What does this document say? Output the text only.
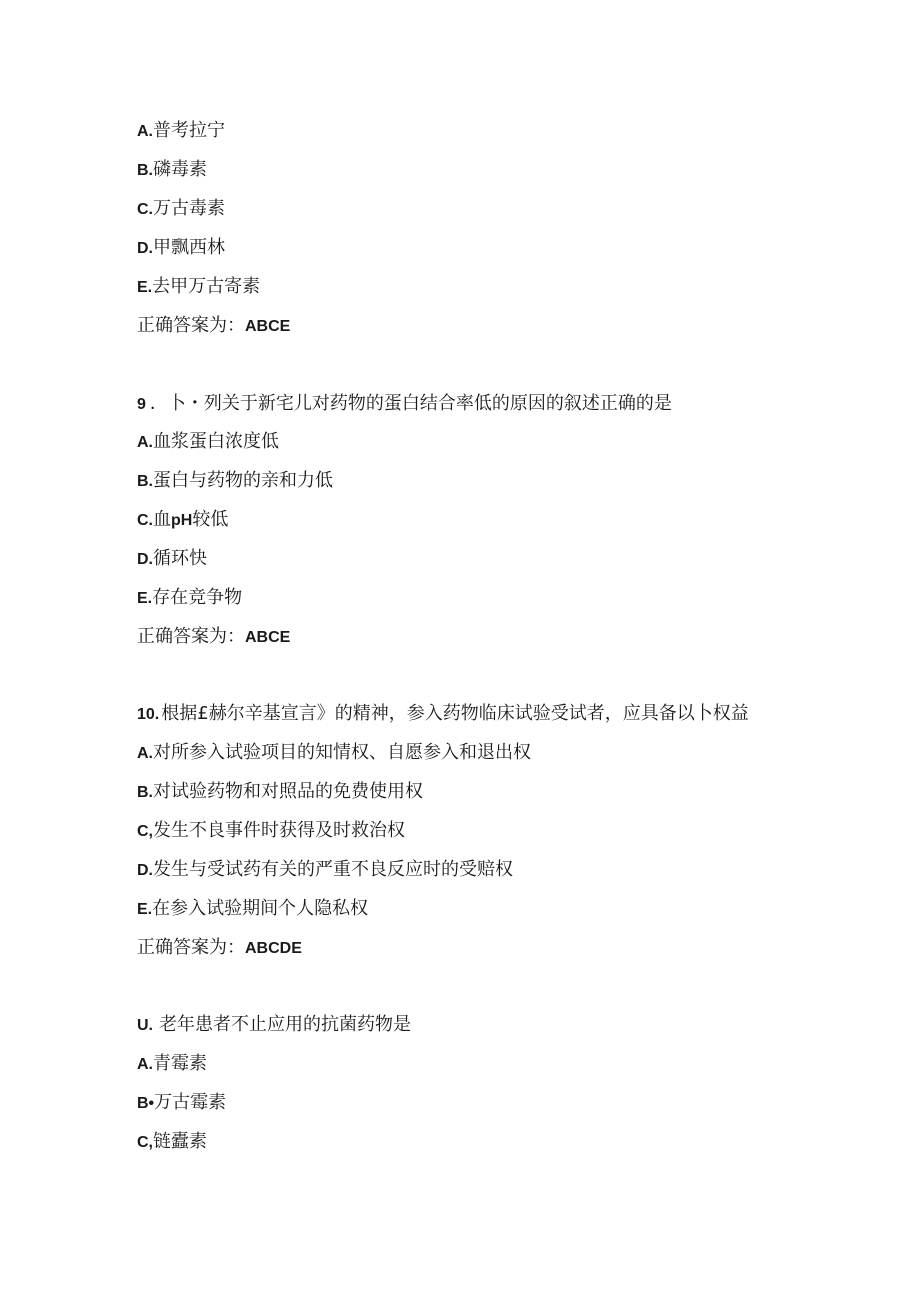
A.普考拉宁
B.磷毒素
C.万古毒素
D.甲飘西林
E.去甲万古寄素
正确答案为：ABCE
9 ．卜・列关于新宅儿对药物的蛋白结合率低的原因的叙述正确的是
A.血浆蛋白浓度低
B.蛋白与药物的亲和力低
C.血pH较低
D.循环快
E.存在竞争物
正确答案为：ABCE
10. 根据£赫尔辛基宣言》的精神，参入药物临床试验受试者，应具备以卜权益
A.对所参入试验项目的知情权、自愿参入和退出权
B.对试验药物和对照品的免费使用权
C,发生不良事件时获得及时救治权
D.发生与受试药有关的严重不良反应时的受赔权
E.在参入试验期间个人隐私权
正确答案为：ABCDE
U. 老年患者不止应用的抗菌药物是
A.青霉素
B•万古霉素
C,链蠹素
